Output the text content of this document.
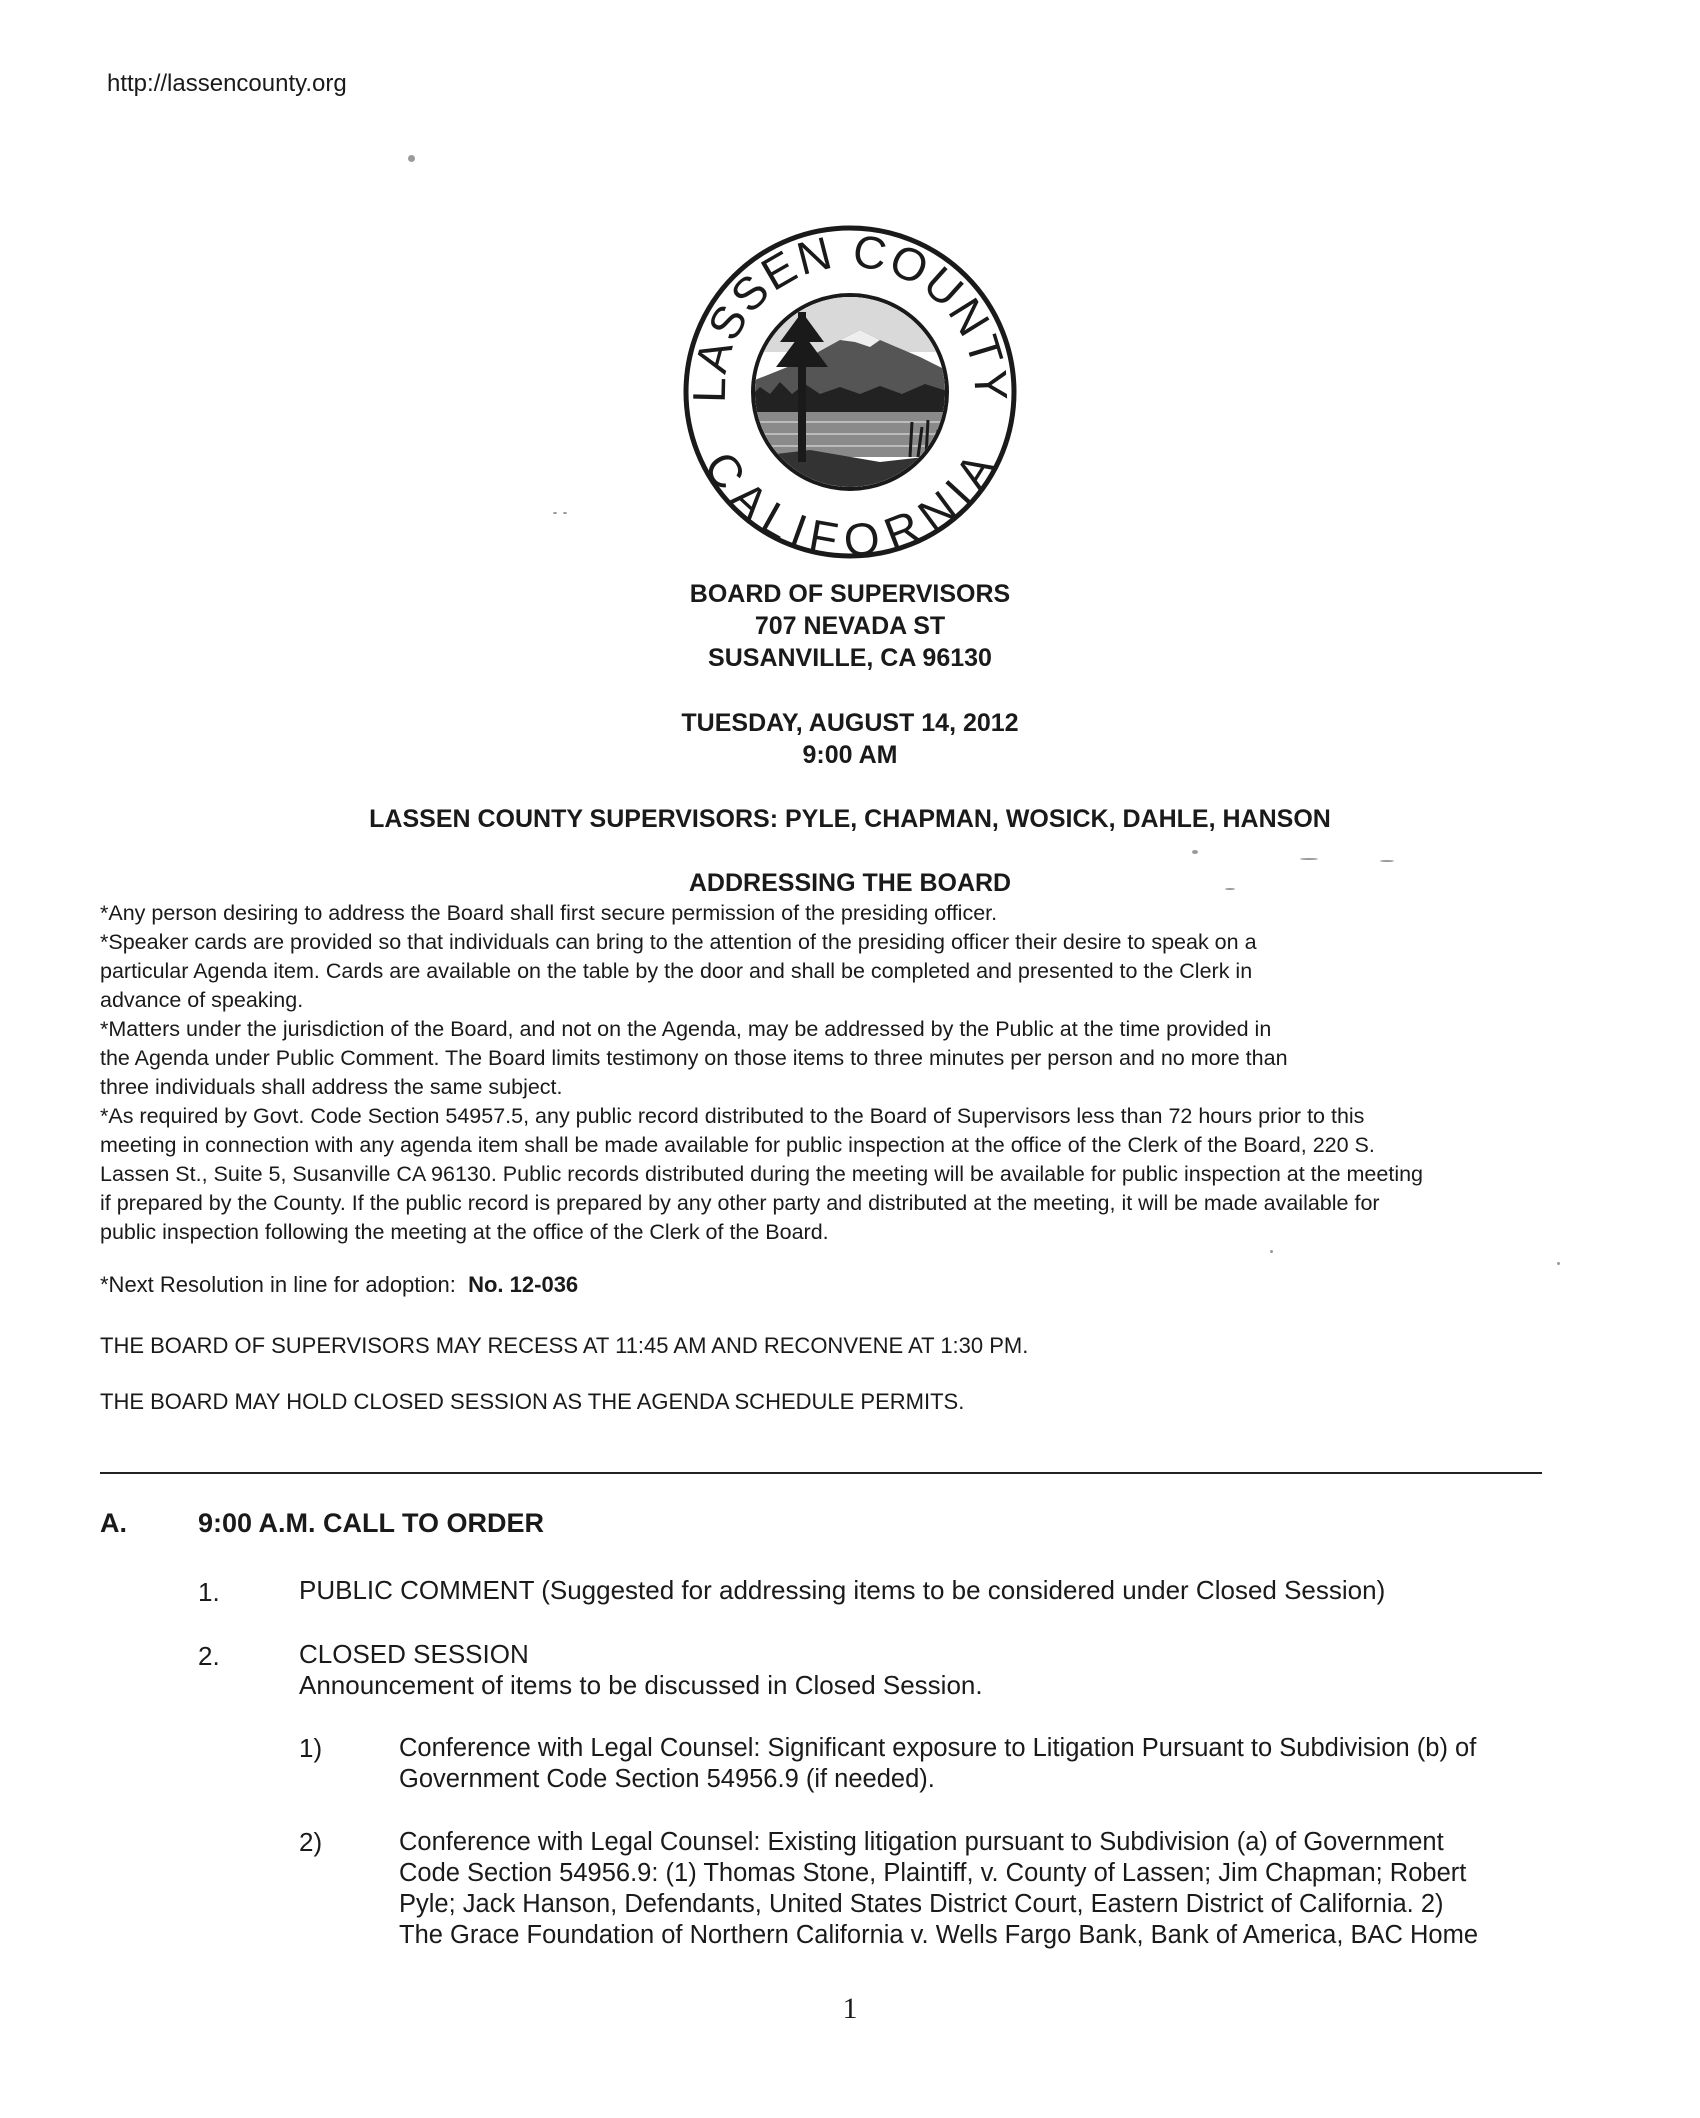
http://lassencounty.org
LASSEN COUNTY
CALIFORNIA
BOARD OF SUPERVISORS
707 NEVADA ST
SUSANVILLE, CA 96130
TUESDAY, AUGUST 14, 2012
9:00 AM
LASSEN COUNTY SUPERVISORS: PYLE, CHAPMAN, WOSICK, DAHLE, HANSON
ADDRESSING THE BOARD

*Any person desiring to address the Board shall first secure permission of the presiding officer.

*Speaker cards are provided so that individuals can bring to the attention of the presiding officer their desire to speak on a

particular Agenda item. Cards are available on the table by the door and shall be completed and presented to the Clerk in

advance of speaking.

*Matters under the jurisdiction of the Board, and not on the Agenda, may be addressed by the Public at the time provided in

the Agenda under Public Comment. The Board limits testimony on those items to three minutes per person and no more than

three individuals shall address the same subject.

*As required by Govt. Code Section 54957.5, any public record distributed to the Board of Supervisors less than 72 hours prior to this

meeting in connection with any agenda item shall be made available for public inspection at the office of the Clerk of the Board, 220 S.

Lassen St., Suite 5, Susanville CA 96130. Public records distributed during the meeting will be available for public inspection at the meeting

if prepared by the County. If the public record is prepared by any other party and distributed at the meeting, it will be made available for

public inspection following the meeting at the office of the Clerk of the Board.

*Next Resolution in line for adoption:  No. 12-036
THE BOARD OF SUPERVISORS MAY RECESS AT 11:45 AM AND RECONVENE AT 1:30 PM.
THE BOARD MAY HOLD CLOSED SESSION AS THE AGENDA SCHEDULE PERMITS.
A.	9:00 A.M. CALL TO ORDER
1.	PUBLIC COMMENT (Suggested for addressing items to be considered under Closed Session)
2.	CLOSED SESSION
Announcement of items to be discussed in Closed Session.
1)	Conference with Legal Counsel: Significant exposure to Litigation Pursuant to Subdivision (b) of
Government Code Section 54956.9 (if needed).
2)	Conference with Legal Counsel: Existing litigation pursuant to Subdivision (a) of Government
Code Section 54956.9: (1) Thomas Stone, Plaintiff, v. County of Lassen; Jim Chapman; Robert
Pyle; Jack Hanson, Defendants, United States District Court, Eastern District of California. 2)
The Grace Foundation of Northern California v. Wells Fargo Bank, Bank of America, BAC Home
1
